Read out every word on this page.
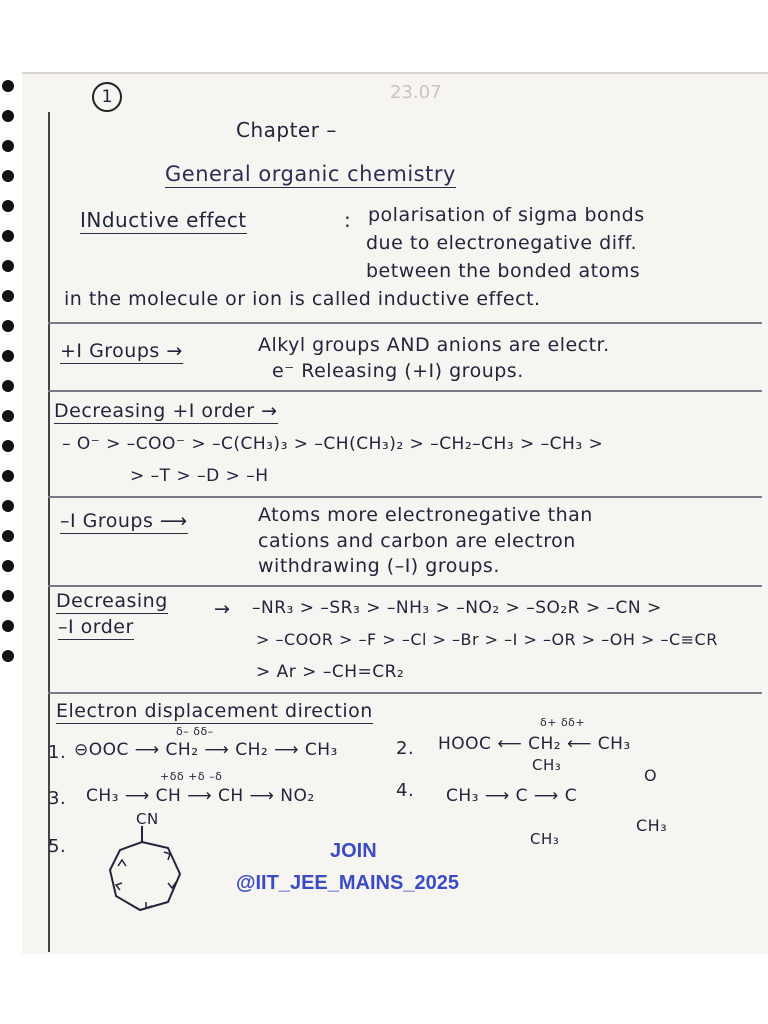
1	23.07
Chapter –
General organic chemistry
INductive effect	: polarisation of sigma bonds
due to electronegative diff.
between the bonded atoms
in the molecule or ion is called inductive effect.
+I Groups →	Alkyl groups AND anions are electr.
e⁻ Releasing (+I) groups.
Decreasing +I order →
– O⁻ > –COO⁻ > –C(CH₃)₃ > –CH(CH₃)₂ > –CH₂–CH₃ > –CH₃ >
> –T > –D > –H
–I Groups ⟶	Atoms more electronegative than
cations and carbon are electron
withdrawing (–I) groups.
Decreasing
–I order
→ –NR₃ > –SR₃ > –NH₃ > –NO₂ > –SO₂R > –CN >
> –COOR > –F > –Cl > –Br > –I > –OR > –OH > –C≡CR
> Ar > –CH=CR₂
Electron displacement direction
1.
δ– δδ–
⊖OOC ⟶ CH₂ ⟶ CH₂ ⟶ CH₃	2.
δ+ δδ+
HOOC ⟵ CH₂ ⟵ CH₃
3.
+δδ +δ –δ
CH₃ ⟶ CH ⟶ CH ⟶ NO₂	4.
CH₃
CH₃ ⟶ C ⟶ C
O
CH₃
CH₃
5.
CN
JOIN
@IIT_JEE_MAINS_2025
